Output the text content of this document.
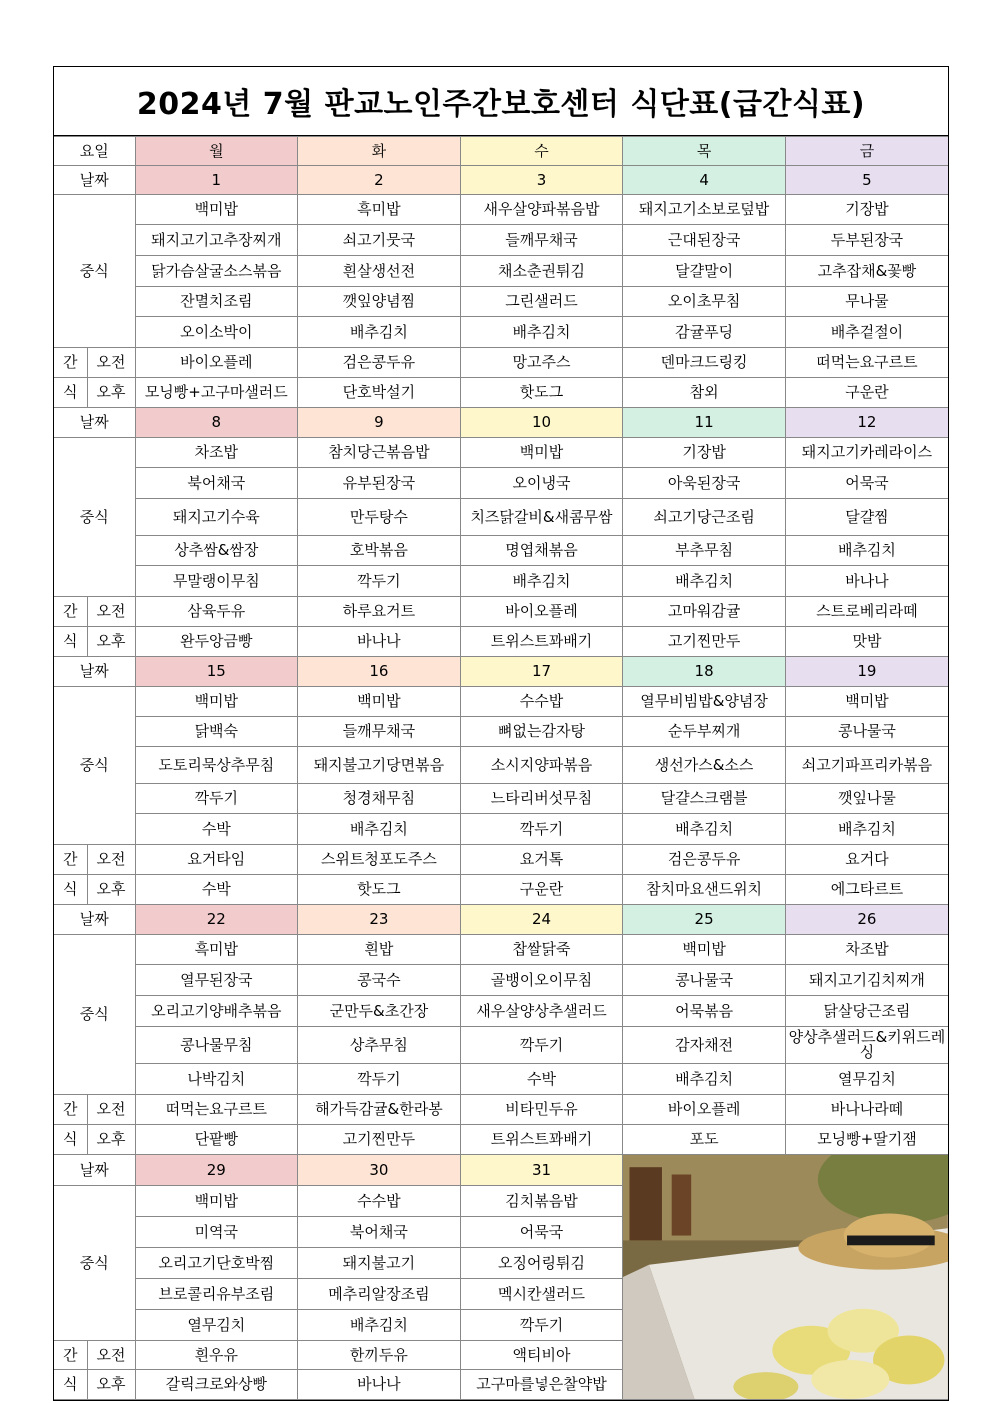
2024년 7월 판교노인주간보호센터 식단표(급간식표)
요일		월	화	수	목	금
날짜		1	2	3	4	5
중식		백미밥	흑미밥	새우살양파볶음밥	돼지고기소보로덮밥	기장밥
		돼지고기고추장찌개	쇠고기뭇국	들깨무채국	근대된장국	두부된장국
		닭가슴살굴소스볶음	흰살생선전	채소춘권튀김	달걀말이	고추잡채&꽃빵
		잔멸치조림	깻잎양념찜	그린샐러드	오이초무침	무나물
		오이소박이	배추김치	배추김치	감귤푸딩	배추겉절이
간	오전	바이오플레	검은콩두유	망고주스	덴마크드링킹	떠먹는요구르트
식	오후	모닝빵+고구마샐러드	단호박설기	핫도그	참외	구운란
날짜		8	9	10	11	12
중식		차조밥	참치당근볶음밥	백미밥	기장밥	돼지고기카레라이스
		북어채국	유부된장국	오이냉국	아욱된장국	어묵국
		돼지고기수육	만두탕수	치즈닭갈비&새콤무쌈	쇠고기당근조림	달걀찜
		상추쌈&쌈장	호박볶음	명엽채볶음	부추무침	배추김치
		무말랭이무침	깍두기	배추김치	배추김치	바나나
간	오전	삼육두유	하루요거트	바이오플레	고마워감귤	스트로베리라떼
식	오후	완두앙금빵	바나나	트위스트꽈배기	고기찐만두	맛밤
날짜		15	16	17	18	19
중식		백미밥	백미밥	수수밥	열무비빔밥&양념장	백미밥
		닭백숙	들깨무채국	뼈없는감자탕	순두부찌개	콩나물국
		도토리묵상추무침	돼지불고기당면볶음	소시지양파볶음	생선가스&소스	쇠고기파프리카볶음
		깍두기	청경채무침	느타리버섯무침	달걀스크램블	깻잎나물
		수박	배추김치	깍두기	배추김치	배추김치
간	오전	요거타임	스위트청포도주스	요거톡	검은콩두유	요거다
식	오후	수박	핫도그	구운란	참치마요샌드위치	에그타르트
날짜		22	23	24	25	26
중식		흑미밥	흰밥	찹쌀닭죽	백미밥	차조밥
		열무된장국	콩국수	골뱅이오이무침	콩나물국	돼지고기김치찌개
		오리고기양배추볶음	군만두&초간장	새우살양상추샐러드	어묵볶음	닭살당근조림
		콩나물무침	상추무침	깍두기	감자채전	양상추샐러드&키위드레싱
		나박김치	깍두기	수박	배추김치	열무김치
간	오전	떠먹는요구르트	해가득감귤&한라봉	비타민두유	바이오플레	바나나라떼
식	오후	단팥빵	고기찐만두	트위스트꽈배기	포도	모닝빵+딸기잼
날짜		29	30	31	

중식		백미밥	수수밥	김치볶음밥		
		미역국	북어채국	어묵국		
		오리고기단호박찜	돼지불고기	오징어링튀김		
		브로콜리유부조림	메추리알장조림	멕시칸샐러드		
		열무김치	배추김치	깍두기		
간	오전	흰우유	한끼두유	액티비아		
식	오후	갈릭크로와상빵	바나나	고구마를넣은찰약밥		
